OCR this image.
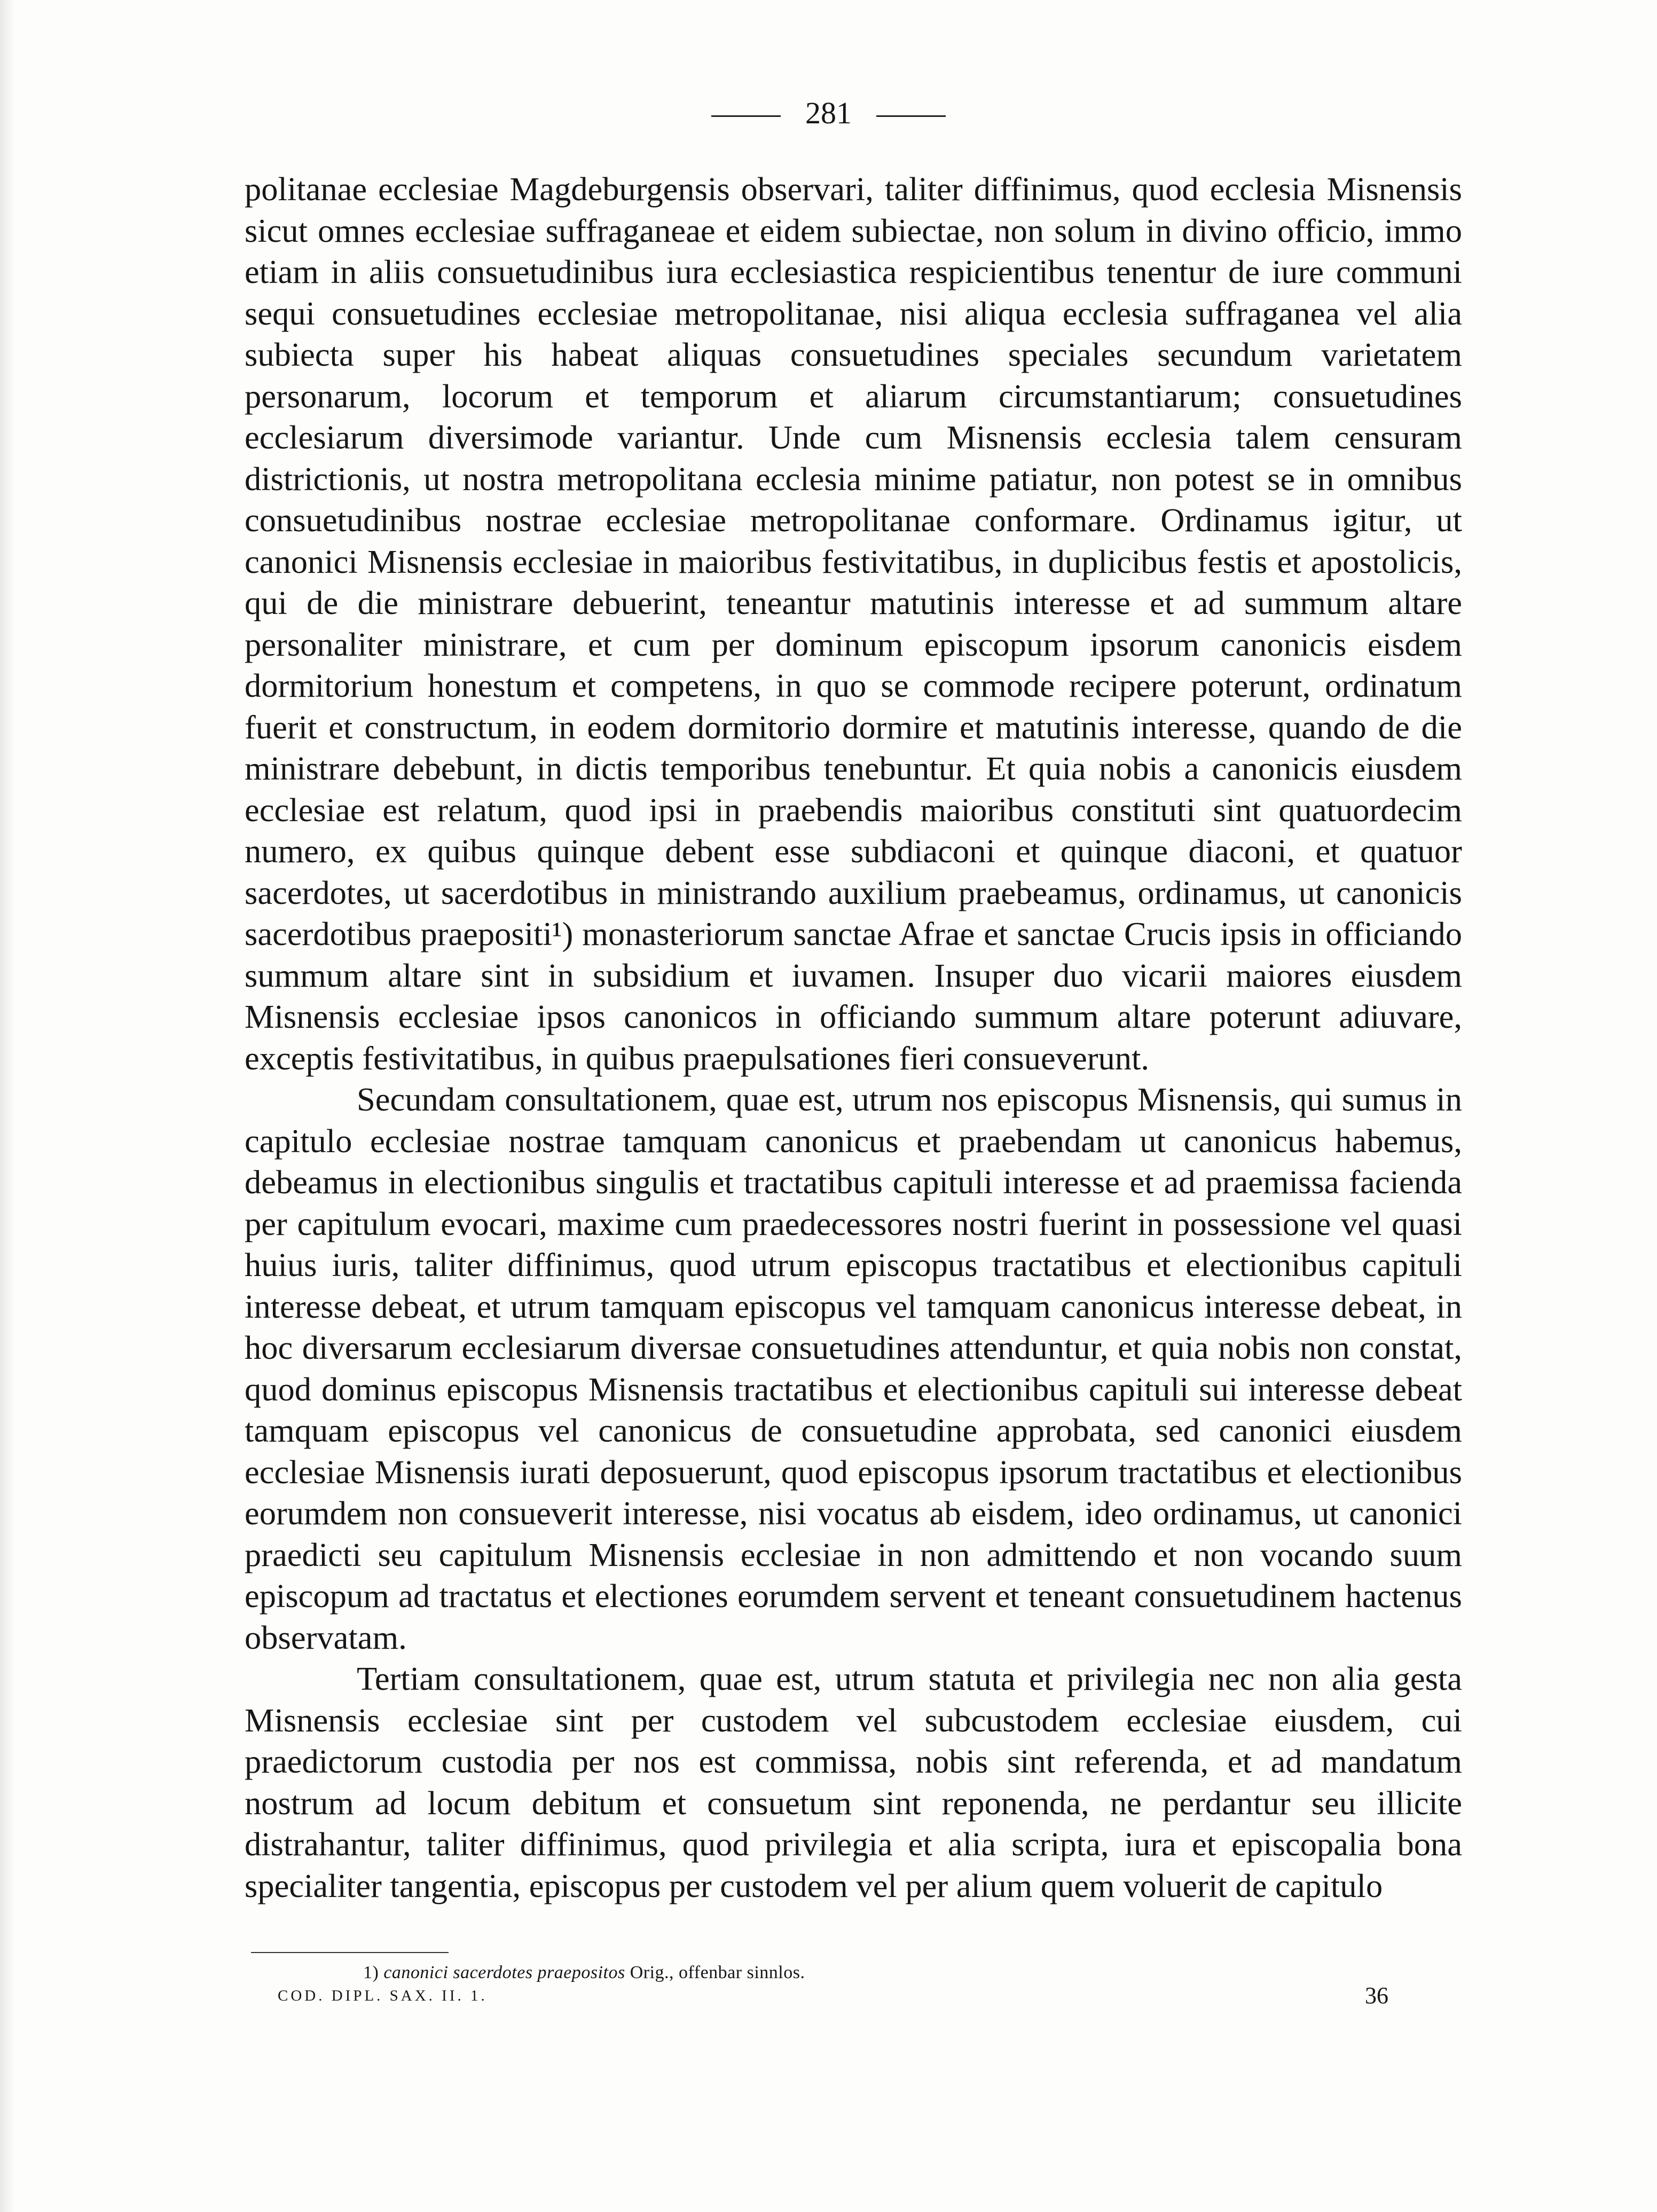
281

politanae ecclesiae Magdeburgensis observari, taliter diffinimus, quod ecclesia Misnensis sicut omnes ecclesiae suffraganeae et eidem subiectae, non solum in divino officio, immo etiam in aliis consuetudinibus iura ecclesiastica respicientibus tenentur de iure communi sequi consuetudines ecclesiae metropolitanae, nisi aliqua ecclesia suffraganea vel alia subiecta super his habeat aliquas consuetudines speciales secundum varietatem personarum, locorum et temporum et aliarum circumstantiarum; consuetudines ecclesiarum diversimode variantur. Unde cum Misnensis ecclesia talem censuram districtionis, ut nostra metropolitana ecclesia minime patiatur, non potest se in omnibus consuetudinibus nostrae ecclesiae metropolitanae conformare. Ordinamus igitur, ut canonici Misnensis ecclesiae in maioribus festivitatibus, in duplicibus festis et apostolicis, qui de die ministrare debuerint, teneantur matutinis interesse et ad summum altare personaliter ministrare, et cum per dominum episcopum ipsorum canonicis eisdem dormitorium honestum et competens, in quo se commode recipere poterunt, ordinatum fuerit et constructum, in eodem dormitorio dormire et matutinis interesse, quando de die ministrare debebunt, in dictis temporibus tenebuntur. Et quia nobis a canonicis eiusdem ecclesiae est relatum, quod ipsi in praebendis maioribus constituti sint quatuordecim numero, ex quibus quinque debent esse subdiaconi et quinque diaconi, et quatuor sacerdotes, ut sacerdotibus in ministrando auxilium praebeamus, ordinamus, ut canonicis sacerdotibus praepositi¹) monasteriorum sanctae Afrae et sanctae Crucis ipsis in officiando summum altare sint in subsidium et iuvamen. Insuper duo vicarii maiores eiusdem Misnensis ecclesiae ipsos canonicos in officiando summum altare poterunt adiuvare, exceptis festivitatibus, in quibus praepulsationes fieri consueverunt.

Secundam consultationem, quae est, utrum nos episcopus Misnensis, qui sumus in capitulo ecclesiae nostrae tamquam canonicus et praebendam ut canonicus habemus, debeamus in electionibus singulis et tractatibus capituli interesse et ad praemissa facienda per capitulum evocari, maxime cum praedecessores nostri fuerint in possessione vel quasi huius iuris, taliter diffinimus, quod utrum episcopus tractatibus et electionibus capituli interesse debeat, et utrum tamquam episcopus vel tamquam canonicus interesse debeat, in hoc diversarum ecclesiarum diversae consuetudines attenduntur, et quia nobis non constat, quod dominus episcopus Misnensis tractatibus et electionibus capituli sui interesse debeat tamquam episcopus vel canonicus de consuetudine approbata, sed canonici eiusdem ecclesiae Misnensis iurati deposuerunt, quod episcopus ipsorum tractatibus et electionibus eorumdem non consueverit interesse, nisi vocatus ab eisdem, ideo ordinamus, ut canonici praedicti seu capitulum Misnensis ecclesiae in non admittendo et non vocando suum episcopum ad tractatus et electiones eorumdem servent et teneant consuetudinem hactenus observatam.

Tertiam consultationem, quae est, utrum statuta et privilegia nec non alia gesta Misnensis ecclesiae sint per custodem vel subcustodem ecclesiae eiusdem, cui praedictorum custodia per nos est commissa, nobis sint referenda, et ad mandatum nostrum ad locum debitum et consuetum sint reponenda, ne perdantur seu illicite distrahantur, taliter diffinimus, quod privilegia et alia scripta, iura et episcopalia bona specialiter tangentia, episcopus per custodem vel per alium quem voluerit de capitulo

1) canonici sacerdotes praepositos Orig., offenbar sinnlos.
COD. DIPL. SAX. II. 1.	36
